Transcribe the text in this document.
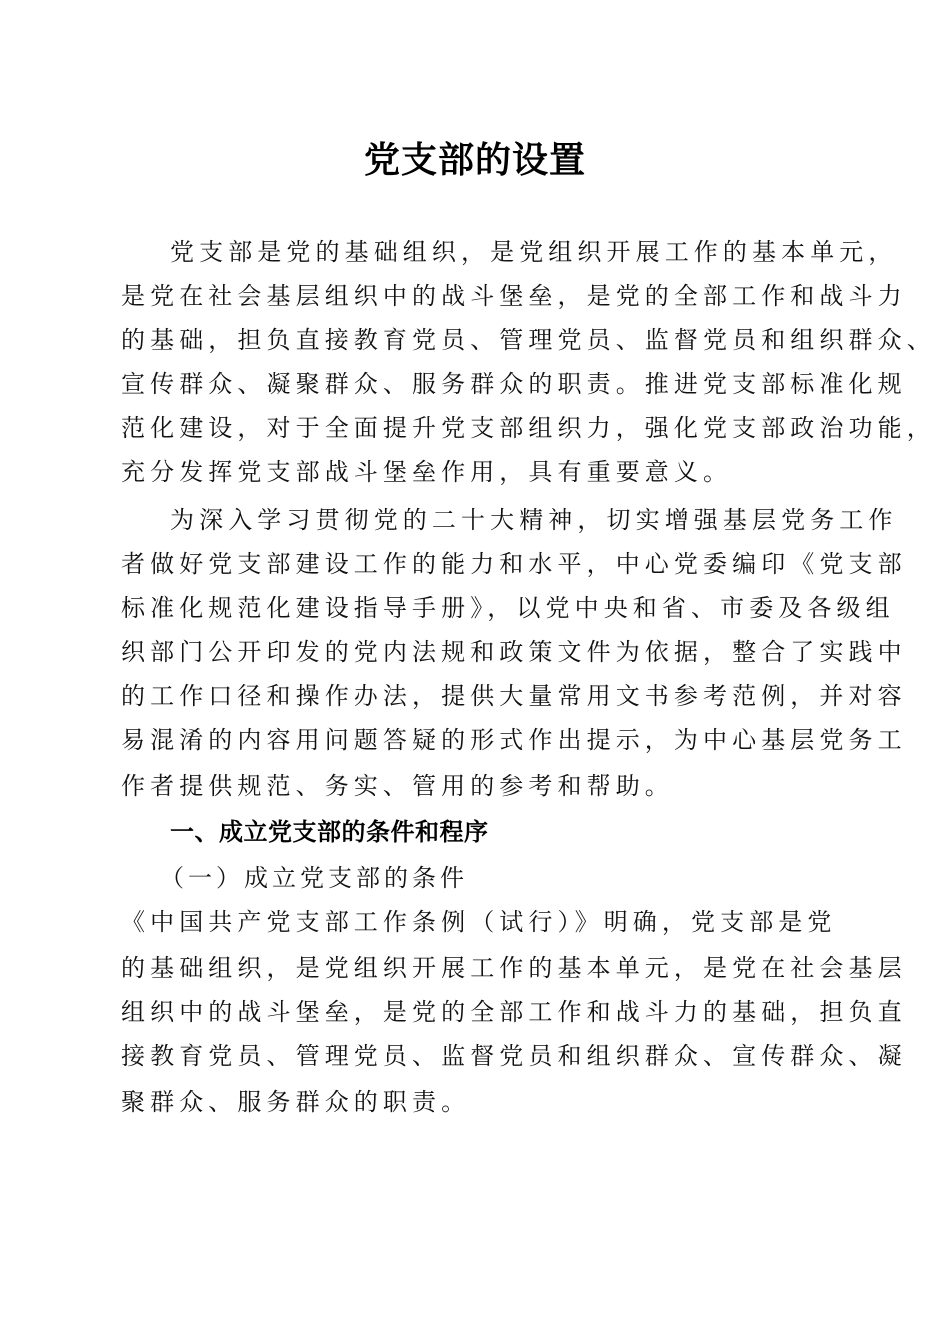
党支部的设置
党支部是党的基础组织，是党组织开展工作的基本单元，
是党在社会基层组织中的战斗堡垒，是党的全部工作和战斗力
的基础，担负直接教育党员、管理党员、监督党员和组织群众、
宣传群众、凝聚群众、服务群众的职责。推进党支部标准化规
范化建设，对于全面提升党支部组织力，强化党支部政治功能，
充分发挥党支部战斗堡垒作用，具有重要意义。
为深入学习贯彻党的二十大精神，切实增强基层党务工作
者做好党支部建设工作的能力和水平，中心党委编印《党支部
标准化规范化建设指导手册》，以党中央和省、市委及各级组
织部门公开印发的党内法规和政策文件为依据，整合了实践中
的工作口径和操作办法，提供大量常用文书参考范例，并对容
易混淆的内容用问题答疑的形式作出提示，为中心基层党务工
作者提供规范、务实、管用的参考和帮助。
一、成立党支部的条件和程序
（一）成立党支部的条件
《中国共产党支部工作条例（试行）》明确，党支部是党
的基础组织，是党组织开展工作的基本单元，是党在社会基层
组织中的战斗堡垒，是党的全部工作和战斗力的基础，担负直
接教育党员、管理党员、监督党员和组织群众、宣传群众、凝
聚群众、服务群众的职责。
